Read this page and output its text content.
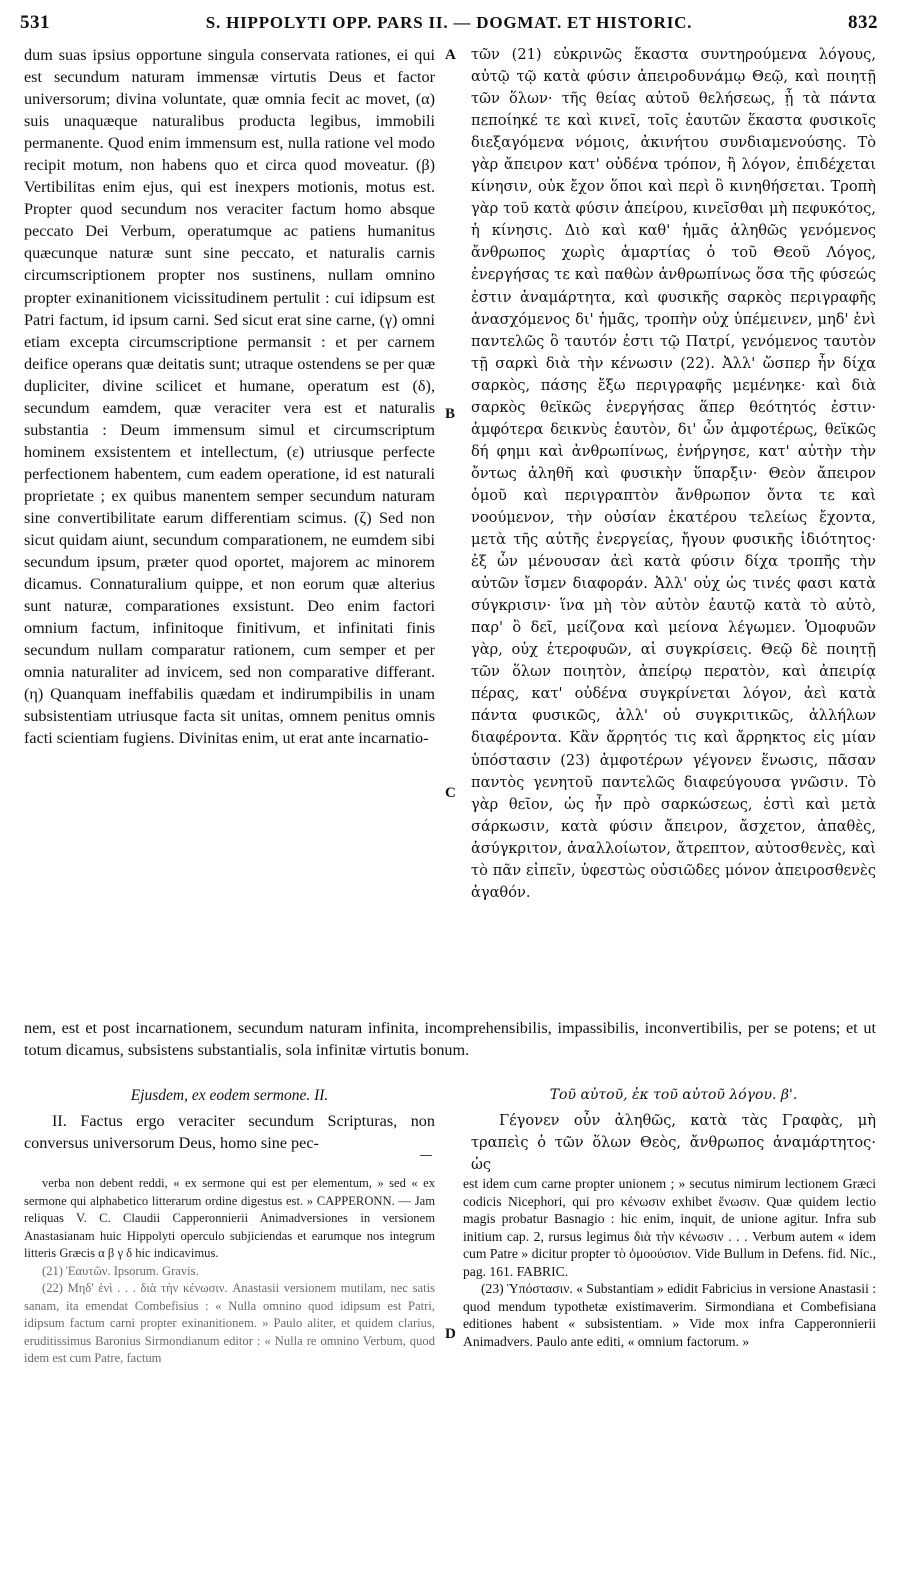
531	S. HIPPOLYTI OPP. PARS II. — DOGMAT. ET HISTORIC.	832
A
B
C
D
dum suas ipsius opportune singula conservata rationes, ei qui est secundum naturam immensæ virtutis Deus et factor universorum; divina voluntate, quæ omnia fecit ac movet, (α) suis unaquæque naturalibus producta legibus, immobili permanente. Quod enim immensum est, nulla ratione vel modo recipit motum, non habens quo et circa quod moveatur. (β) Vertibilitas enim ejus, qui est inexpers motionis, motus est. Propter quod secundum nos veraciter factum homo absque peccato Dei Verbum, operatumque ac patiens humanitus quæcunque naturæ sunt sine peccato, et naturalis carnis circumscriptionem propter nos sustinens, nullam omnino propter exinanitionem vicissitudinem pertulit : cui idipsum est Patri factum, id ipsum carni. Sed sicut erat sine carne, (γ) omni etiam excepta circumscriptione permansit : et per carnem deifice operans quæ deitatis sunt; utraque ostendens se per quæ dupliciter, divine scilicet et humane, operatum est (δ), secundum eamdem, quæ veraciter vera est et naturalis substantia : Deum immensum simul et circumscriptum hominem exsistentem et intellectum, (ε) utriusque perfecte perfectionem habentem, cum eadem operatione, id est naturali proprietate ; ex quibus manentem semper secundum naturam sine convertibilitate earum differentiam scimus. (ζ) Sed non sicut quidam aiunt, secundum comparationem, ne eumdem sibi secundum ipsum, præter quod oportet, majorem ac minorem dicamus. Connaturalium quippe, et non eorum quæ alterius sunt naturæ, comparationes exsistunt. Deo enim factori omnium factum, infinitoque finitivum, et infinitati finis secundum nullam comparatur rationem, cum semper et per omnia naturaliter ad invicem, sed non comparative differant. (η) Quanquam ineffabilis quædam et indirumpibilis in unam subsistentiam utriusque facta sit unitas, omnem penitus omnis facti scientiam fugiens. Divinitas enim, ut erat ante incarnatio-
τῶν (21) εὐκρινῶς ἕκαστα συντηρούμενα λόγους, αὐτῷ τῷ κατὰ φύσιν ἀπειροδυνάμῳ Θεῷ, καὶ ποιητῇ τῶν ὅλων· τῆς θείας αὐτοῦ θελήσεως, ᾗ τὰ πάντα πεποίηκέ τε καὶ κινεῖ, τοῖς ἑαυτῶν ἕκαστα φυσικοῖς διεξαγόμενα νόμοις, ἀκινήτου συνδιαμενούσης. Τὸ γὰρ ἄπειρον κατ' οὐδένα τρόπον, ἢ λόγον, ἐπιδέχεται κίνησιν, οὐκ ἔχον ὅποι καὶ περὶ ὃ κινηθήσεται. Τροπὴ γὰρ τοῦ κατὰ φύσιν ἀπείρου, κινεῖσθαι μὴ πεφυκότος, ἡ κίνησις. Διὸ καὶ καθ' ἡμᾶς ἀληθῶς γενόμενος ἄνθρωπος χωρὶς ἁμαρτίας ὁ τοῦ Θεοῦ Λόγος, ἐνεργήσας τε καὶ παθὼν ἀνθρωπίνως ὅσα τῆς φύσεώς ἐστιν ἀναμάρτητα, καὶ φυσικῆς σαρκὸς περιγραφῆς ἀνασχόμενος δι' ἡμᾶς, τροπὴν οὐχ ὑπέμεινεν, μηδ' ἑνὶ παντελῶς ὃ ταυτόν ἐστι τῷ Πατρί, γενόμενος ταυτὸν τῇ σαρκὶ διὰ τὴν κένωσιν (22). Ἀλλ' ὥσπερ ἦν δίχα σαρκὸς, πάσης ἔξω περιγραφῆς μεμένηκε· καὶ διὰ σαρκὸς θεϊκῶς ἐνεργήσας ἅπερ θεότητός ἐστιν· ἀμφότερα δεικνὺς ἑαυτὸν, δι' ὧν ἀμφοτέρως, θεϊκῶς δή φημι καὶ ἀνθρωπίνως, ἐνήργησε, κατ' αὐτὴν τὴν ὄντως ἀληθῆ καὶ φυσικὴν ὕπαρξιν· Θεὸν ἄπειρον ὁμοῦ καὶ περιγραπτὸν ἄνθρωπον ὄντα τε καὶ νοούμενον, τὴν οὐσίαν ἑκατέρου τελείως ἔχοντα, μετὰ τῆς αὐτῆς ἐνεργείας, ἤγουν φυσικῆς ἰδιότητος· ἐξ ὧν μένουσαν ἀεὶ κατὰ φύσιν δίχα τροπῆς τὴν αὐτῶν ἴσμεν διαφοράν. Ἀλλ' οὐχ ὡς τινές φασι κατὰ σύγκρισιν· ἵνα μὴ τὸν αὐτὸν ἑαυτῷ κατὰ τὸ αὐτὸ, παρ' ὃ δεῖ, μείζονα καὶ μείονα λέγωμεν. Ὁμοφυῶν γὰρ, οὐχ ἑτεροφυῶν, αἱ συγκρίσεις. Θεῷ δὲ ποιητῇ τῶν ὅλων ποιητὸν, ἀπείρῳ περατὸν, καὶ ἀπειρίᾳ πέρας, κατ' οὐδένα συγκρίνεται λόγον, ἀεὶ κατὰ πάντα φυσικῶς, ἀλλ' οὐ συγκριτικῶς, ἀλλήλων διαφέροντα. Κἂν ἄρρητός τις καὶ ἄρρηκτος εἰς μίαν ὑπόστασιν (23) ἀμφοτέρων γέγονεν ἕνωσις, πᾶσαν παντὸς γενητοῦ παντελῶς διαφεύγουσα γνῶσιν. Τὸ γὰρ θεῖον, ὡς ἦν πρὸ σαρκώσεως, ἐστὶ καὶ μετὰ σάρκωσιν, κατὰ φύσιν ἄπειρον, ἄσχετον, ἀπαθὲς, ἀσύγκριτον, ἀναλλοίωτον, ἄτρεπτον, αὐτοσθενὲς, καὶ τὸ πᾶν εἰπεῖν, ὑφεστὼς οὐσιῶδες μόνον ἀπειροσθενὲς ἀγαθόν.
nem, est et post incarnationem, secundum naturam infinita, incomprehensibilis, impassibilis, inconvertibilis, per se potens; et ut totum dicamus, subsistens substantialis, sola infinitæ virtutis bonum.
Ejusdem, ex eodem sermone. II.	Τοῦ αὐτοῦ, ἐκ τοῦ αὐτοῦ λόγου. β'.
II. Factus ergo veraciter secundum Scripturas, non conversus universorum Deus, homo sine pec-
Γέγονεν οὖν ἀληθῶς, κατὰ τὰς Γραφὰς, μὴ τραπεὶς ὁ τῶν ὅλων Θεὸς, ἄνθρωπος ἀναμάρτητος· ὡς

verba non debent reddi, « ex sermone qui est per elementum, » sed « ex sermone qui alphabetico litterarum ordine digestus est. » CAPPERONN. — Jam reliquas V. C. Claudii Capperonnierii Animadversiones in versionem Anastasianam huic Hippolyti operculo subjiciendas et earumque nos integrum litteris Græcis α β γ δ hic indicavimus.

(21) Ἑαυτῶν. Ipsorum. Gravis.

(22) Μηδ' ἑνὶ . . . διὰ τὴν κένωσιν. Anastasii versionem mutilam, nec satis sanam, ita emendat Combefisius : « Nulla omnino quod idipsum est Patri, idipsum factum carni propter exinanitionem. » Paulo aliter, et quidem clarius, eruditissimus Baronius Sirmondianum editor : « Nulla re omnino Verbum, quod idem est cum Patre, factum

est idem cum carne propter unionem ; » secutus nimirum lectionem Græci codicis Nicephori, qui pro κένωσιν exhibet ἕνωσιν. Quæ quidem lectio magis probatur Basnagio : hic enim, inquit, de unione agitur. Infra sub initium cap. 2, rursus legimus διὰ τὴν κένωσιν . . . Verbum autem « idem cum Patre » dicitur propter τὸ ὁμοούσιον. Vide Bullum in Defens. fid. Nic., pag. 161. FABRIC.

(23) Ὑπόστασιν. « Substantiam » edidit Fabricius in versione Anastasii : quod mendum typothetæ existimaverim. Sirmondiana et Combefisiana editiones habent « subsistentiam. » Vide mox infra Capperonnierii Animadvers. Paulo ante editi, « omnium factorum. »
